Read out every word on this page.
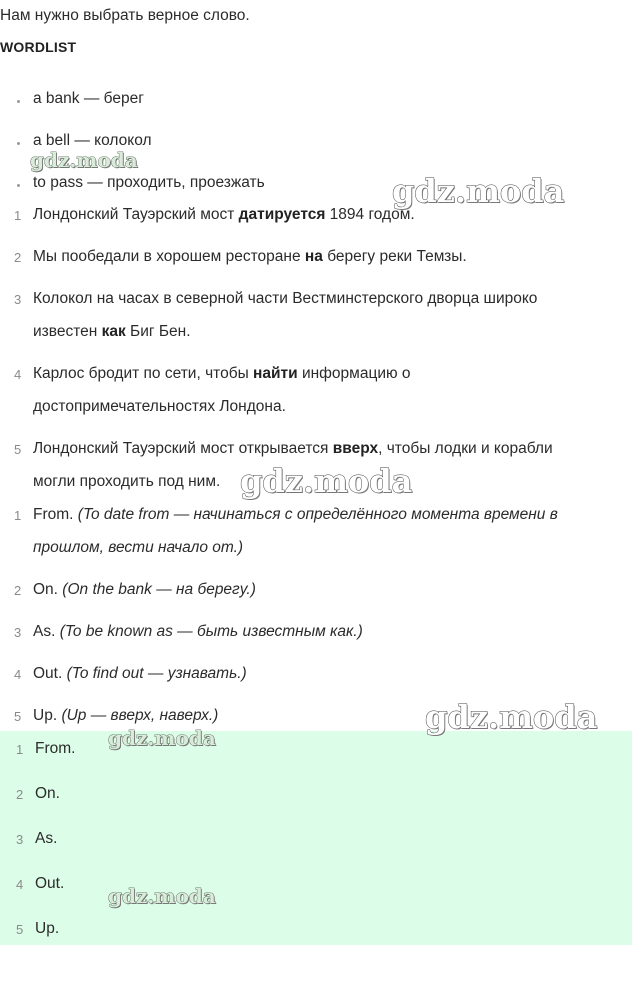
Нам нужно выбрать верное слово.
WORDLIST
a bank — берег
a bell — колокол
to pass — проходить, проезжать
1 Лондонский Тауэрский мост датируется 1894 годом.
2 Мы пообедали в хорошем ресторане на берегу реки Темзы.
3 Колокол на часах в северной части Вестминстерского дворца широко
известен как Биг Бен.
4 Карлос бродит по сети, чтобы найти информацию о
достопримечательностях Лондона.
5 Лондонский Тауэрский мост открывается вверх, чтобы лодки и корабли
могли проходить под ним.
1 From. (To date from — начинаться с определённого момента времени в
прошлом, вести начало от.)
2 On. (On the bank — на берегу.)
3 As. (To be known as — быть известным как.)
4 Out. (To find out — узнавать.)
5 Up. (Up — вверх, наверх.)
1 From.
2 On.
3 As.
4 Out.
5 Up.
gdz.moda
gdz.moda
gdz.moda
gdz.moda
gdz.moda
gdz.moda
